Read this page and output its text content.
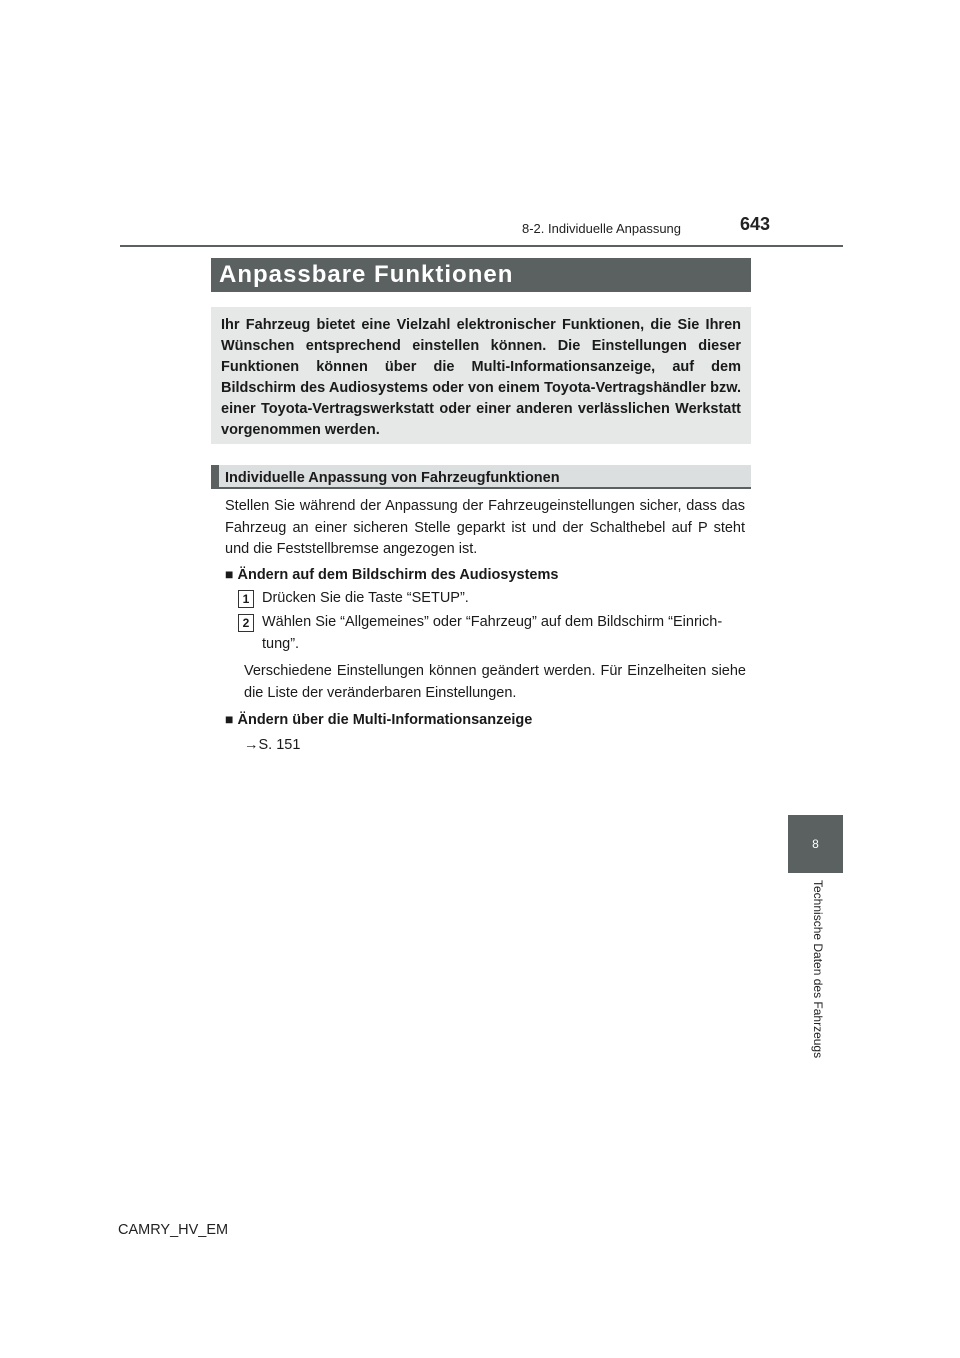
8-2. Individuelle Anpassung	643
Anpassbare Funktionen
Ihr Fahrzeug bietet eine Vielzahl elektronischer Funktionen, die Sie Ihren Wünschen entsprechend einstellen können. Die Einstellungen dieser Funktionen können über die Multi-Informationsanzeige, auf dem Bildschirm des Audiosystems oder von einem Toyota-Vertragshändler bzw. einer Toyota-Vertragswerkstatt oder einer anderen verlässlichen Werkstatt vorgenommen werden.
Individuelle Anpassung von Fahrzeugfunktionen
Stellen Sie während der Anpassung der Fahrzeugeinstellungen sicher, dass das Fahrzeug an einer sicheren Stelle geparkt ist und der Schalthebel auf P steht und die Feststellbremse angezogen ist.
■ Ändern auf dem Bildschirm des Audiosystems
1 Drücken Sie die Taste “SETUP”.
2 Wählen Sie “Allgemeines” oder “Fahrzeug” auf dem Bildschirm “Einrich-
tung”.
Verschiedene Einstellungen können geändert werden. Für Einzelheiten siehe die Liste der veränderbaren Einstellungen.
■ Ändern über die Multi-Informationsanzeige
→S. 151
8
Technische Daten des Fahrzeugs
CAMRY_HV_EM
